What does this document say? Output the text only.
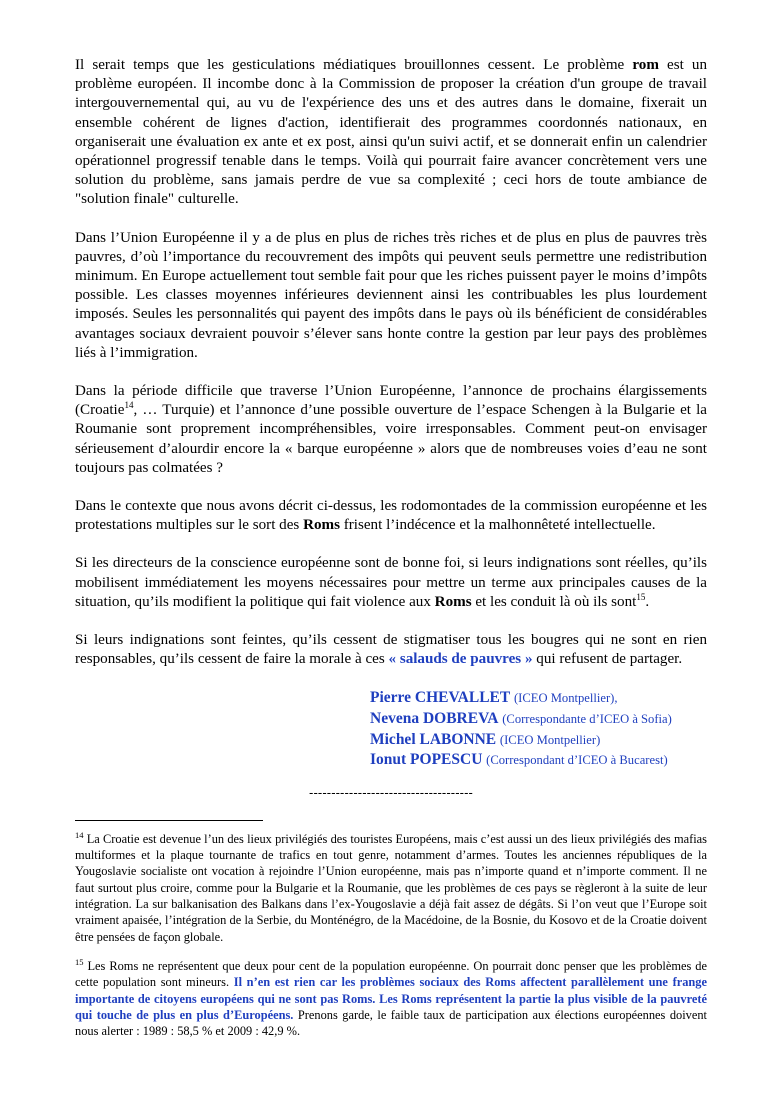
Il serait temps que les gesticulations médiatiques brouillonnes cessent. Le problème rom est un problème européen. Il incombe donc à la Commission de proposer la création d'un groupe de travail intergouvernemental qui, au vu de l'expérience des uns et des autres dans le domaine, fixerait un ensemble cohérent de lignes d'action, identifierait des programmes coordonnés nationaux, en organiserait une évaluation ex ante et ex post, ainsi qu'un suivi actif, et se donnerait enfin un calendrier opérationnel progressif tenable dans le temps. Voilà qui pourrait faire avancer concrètement vers une solution du problème, sans jamais perdre de vue sa complexité ; ceci hors de toute ambiance de "solution finale" culturelle.

Dans l’Union Européenne il y a de plus en plus de riches très riches et de plus en plus de pauvres très pauvres, d’où l’importance du recouvrement des impôts qui peuvent seuls permettre une redistribution minimum. En Europe actuellement tout semble fait pour que les riches puissent payer le moins d’impôts possible. Les classes moyennes inférieures deviennent ainsi les contribuables les plus lourdement imposés. Seules les personnalités qui payent des impôts dans le pays où ils bénéficient de considérables avantages sociaux devraient pouvoir s’élever sans honte contre la gestion par leur pays des problèmes liés à l’immigration.

Dans la période difficile que traverse l’Union Européenne, l’annonce de prochains élargissements (Croatie$^{14}$, … Turquie) et l’annonce d’une possible ouverture de l’espace Schengen à la Bulgarie et la Roumanie sont proprement incompréhensibles, voire irresponsables. Comment peut-on envisager sérieusement d’alourdir encore la « barque européenne » alors que de nombreuses voies d’eau ne sont toujours pas colmatées ?

Dans le contexte que nous avons décrit ci-dessus, les rodomontades de la commission européenne et les protestations multiples sur le sort des Roms frisent l’indécence et la malhonnêteté intellectuelle.

Si les directeurs de la conscience européenne sont de bonne foi, si leurs indignations sont réelles, qu’ils mobilisent immédiatement les moyens nécessaires pour mettre un terme aux principales causes de la situation, qu’ils modifient la politique qui fait violence aux Roms et les conduit là où ils sont$^{15}$.

Si leurs indignations sont feintes, qu’ils cessent de stigmatiser tous les bougres qui ne sont en rien responsables, qu’ils cessent de faire la morale à ces « salauds de pauvres » qui refusent de partager.

Pierre CHEVALLET (ICEO Montpellier),
Nevena DOBREVA (Correspondante d’ICEO à Sofia)
Michel LABONNE (ICEO Montpellier)
Ionut POPESCU (Correspondant d’ICEO à Bucarest)
-------------------------------------

$^{14}$ La Croatie est devenue l’un des lieux privilégiés des touristes Européens, mais c’est aussi un des lieux privilégiés des mafias multiformes et la plaque tournante de trafics en tout genre, notamment d’armes. Toutes les anciennes républiques de la Yougoslavie socialiste ont vocation à rejoindre l’Union européenne, mais pas n’importe quand et n’importe comment. Il ne faut surtout plus croire, comme pour la Bulgarie et la Roumanie, que les problèmes de ces pays se règleront à la suite de leur intégration. La sur balkanisation des Balkans dans l’ex-Yougoslavie a déjà fait assez de dégâts. Si l’on veut que l’Europe soit vraiment apaisée, l’intégration de la Serbie, du Monténégro, de la Macédoine, de la Bosnie, du Kosovo et de la Croatie doivent être pensées de façon globale.

$^{15}$ Les Roms ne représentent que deux pour cent de la population européenne. On pourrait donc penser que les problèmes de cette population sont mineurs. Il n’en est rien car les problèmes sociaux des Roms affectent parallèlement une frange importante de citoyens européens qui ne sont pas Roms. Les Roms représentent la partie la plus visible de la pauvreté qui touche de plus en plus d’Européens. Prenons garde, le faible taux de participation aux élections européennes doivent nous alerter : 1989 : 58,5 % et 2009 : 42,9 %.
